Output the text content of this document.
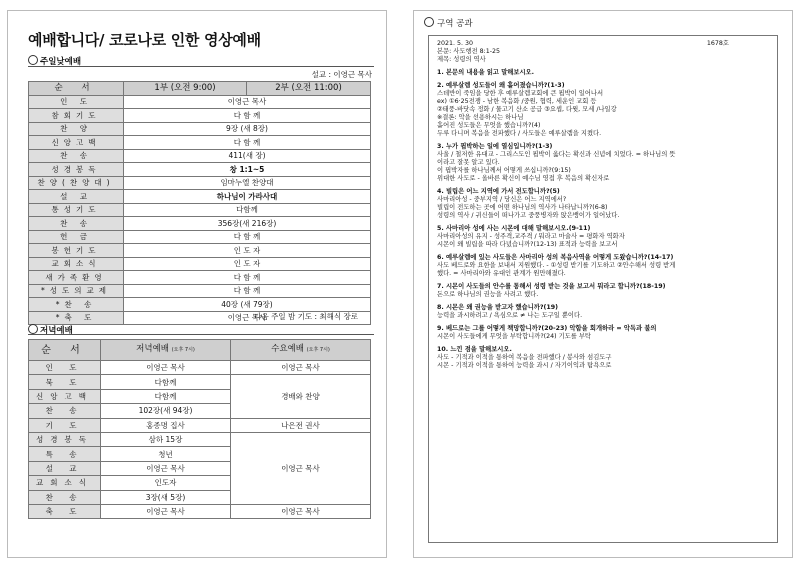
예배합니다/ 코로나로 인한 영상예배
주일낮예배
설교 : 이영근 목사
순 서	1부 (오전 9:00)	2부 (오전 11:00)
인 도	이영근 목사	
참회기도	다 함 께	
찬 양	9장 (새 8장)	
신앙고백	다 함 께	
찬 송	411(새 장)	
성경봉독	창 1:1~5	
찬양(찬양대)	임마누엘 찬양대	
설 교	하나님이 가라사대	
통성기도	다함께	
찬 송	356장(새 216장)	
헌 금	다 함 께	
봉헌기도	인 도 자	
교회소식	인 도 자	
새가족환영	다 함 께	
*성도의교제	다 함 께	
*찬 송	40장 (새 79장)	
*축 도	이영근 목사	
다음 주일 밤 기도 : 최해식 장로
저녁예배
순 서	저녁예배 (오후 7시)	수요예배 (오후 7시)
인 도	이영근 목사	이영근 목사
묵 도	다함께	경배와 찬양
신앙고백	다함께	
찬 송	102장(새 94장)	
기 도	홍종명 집사	나은전 권사
성경봉독	삼하 15장	이영근 목사
특 송	청년	
설 교	이영근 목사	
교회소식	인도자	
찬 송	3장(새 5장)	
축 도	이영근 목사	이영근 목사
구역 공과

2021. 5. 30	1678호

본문: 사도행전 8:1-25

제목: 성령의 역사

1. 본문의 내용을 읽고 말해보시오.

2. 예루살렘 성도들이 왜 흩어졌습니까?(1-3)

스데반이 죽임을 당한 후 예루살렘교회에 큰 핍박이 일어나서

ex) ①6·25전쟁 - 남한 복음화 /중원, 협력, 세운인 교회 등

②태풍-바닷속 정화 / 물고기 산소 공급 ③요셉, 다윗, 모세 /나일강

※결론: 악을 선용하시는 하나님

흩어진 성도들은 무엇을 했습니까?(4)

두루 다니며 복음을 전파했다 / 사도들은 예루살렘을 지켰다.

3. 누가 핍박하는 일에 열심입니까?(1-3)

사울 / 철저한 유대교 - 그리스도인 핍박이 옳다는 확신과 신념에 치었다. = 하나님의 뜻

이라고 잘못 알고 있다.

이 핍박자를 하나님께서 어떻게 쓰십니까?(9:15)

위대한 사도로 - 올바른 확신이 예수님 영접 후 복음의 확신자로

4. 빌립은 어느 지역에 가서 전도합니까?(5)

사마리아성 - 중부지역 / 당신은 어느 지역에서?

빌립이 전도하는 곳에 어떤 하나님의 역사가 나타납니까?(6-8)

성령의 역사 / 귀신들이 떠나가고 중풍병자와 앉은뱅이가 일어났다.

5. 사마리아 성에 사는 시몬에 대해 말해보시오.(9-11)

사마리아성의 유지 - 성주격,교주격 / 뭐라고 마술사 = 평화자 역화자

시몬이 왜 빌립을 따라 다녔습니까?(12-13) 표적과 능력을 보고서

6. 예루살렘에 있는 사도들은 사마리아 성의 복음사역을 어떻게 도왔습니까?(14-17)

사도 베드로와 요한을 보내서 지원했다. - ①성령 받기를 기도하고 ②안수해서 성령 받게

했다. = 사마리아와 유대인 관계가 원만해졌다.

7. 시몬이 사도들의 안수를 통해서 성령 받는 것을 보고서 뭐라고 합니까?(18-19)

돈으로 하나님의 권능을 사려고 했다.

8. 시몬은 왜 권능을 받고자 했습니까?(19)

능력을 과시하려고 / 욕심으로 ≠ 나는 도구일 뿐이다.

9. 베드로는 그를 어떻게 책망합니까?(20-23) 악함을 회개하라 = 악독과 불의

시몬이 사도들에게 무엇을 부탁합니까?(24) 기도를 부탁

10. 느낀 점을 말해보시오.

사도 - 기적과 이적을 통하여 복음을 전파했다 / 봉사와 섬김도구

시몬 - 기적과 이적을 통하여 능력을 과시 / 자기이익과 탐욕으로
